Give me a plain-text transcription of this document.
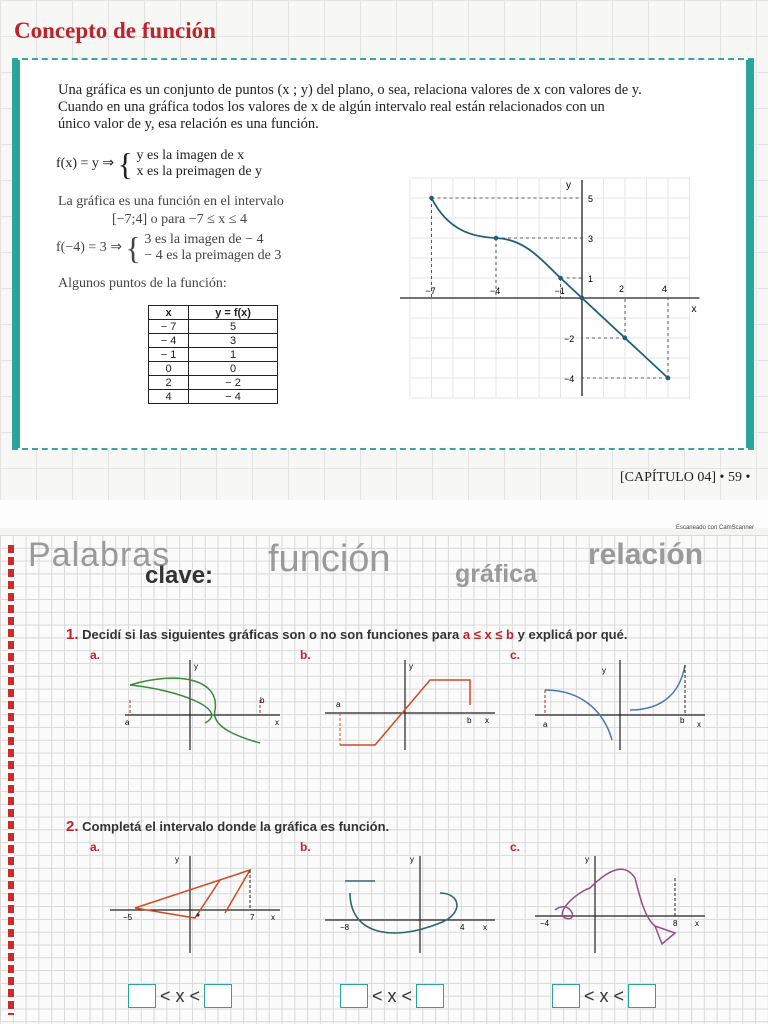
Concepto de función
Una gráfica es un conjunto de puntos (x ; y) del plano, o sea, relaciona valores de x con valores de y.
Cuando en una gráfica todos los valores de x de algún intervalo real están relacionados con un
único valor de y, esa relación es una función.
f(x) = y ⇒ { y es la imagen de x
x es la preimagen de y
La gráfica es una función en el intervalo
[−7;4] o para −7 ≤ x ≤ 4
f(−4) = 3 ⇒ { 3 es la imagen de − 4
− 4 es la preimagen de 3
Algunos puntos de la función:
x	y = f(x)
− 7	5
− 4	3
− 1	1
0	0
2	− 2
4	− 4
x
y
−7	−4	−1	2	4
5
3
1
−2
−4
[CAPÍTULO 04] • 59 •
Escaneado con CamScanner
Palabras
clave: función	gráfica
relación
1. Decidí si las siguientes gráficas son o no son funciones para a ≤ x ≤ b y explicá por qué.
a.	b.	c.
y
x
a
b
y
x
a
b
y
x
a	b
2. Completá el intervalo donde la gráfica es función.
a.	b.	c.
−5	7 x
y
−8	4 x
y
−4	8 x
y
< x <	< x <	< x <
